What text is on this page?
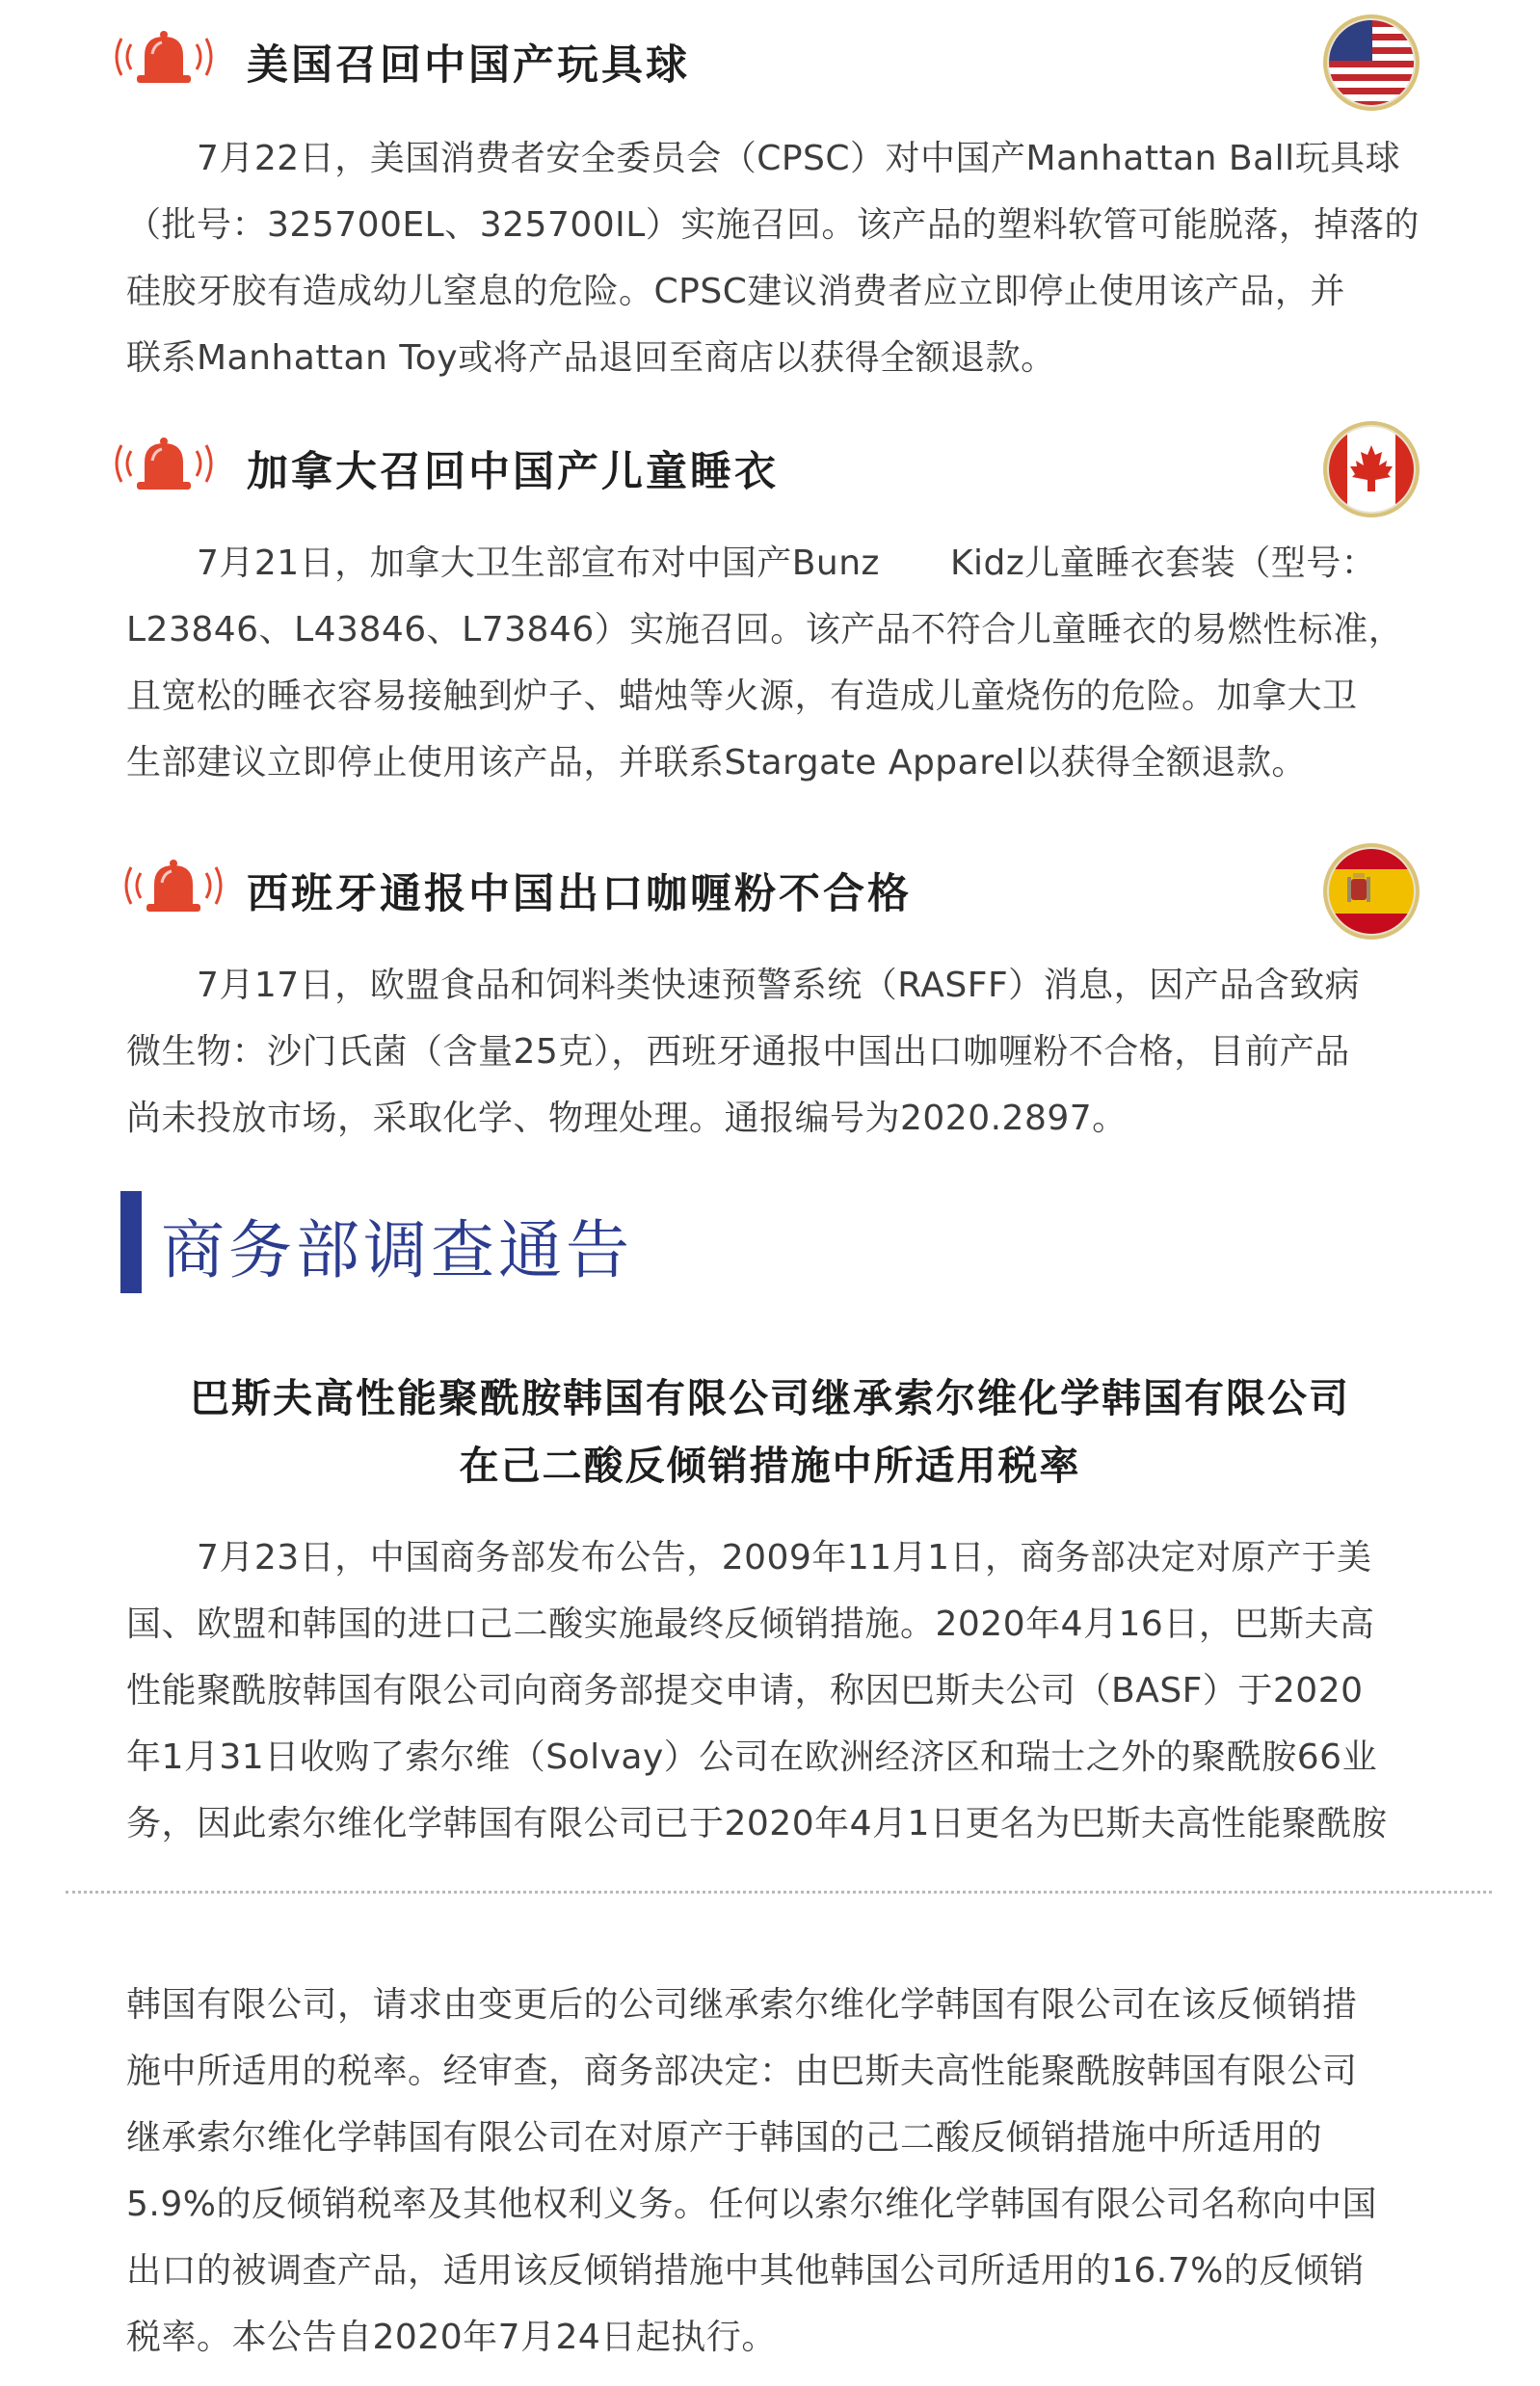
美国召回中国产玩具球
　　7月22日，美国消费者安全委员会（CPSC）对中国产Manhattan Ball玩具球
（批号：325700EL、325700IL）实施召回。该产品的塑料软管可能脱落，掉落的
硅胶牙胶有造成幼儿窒息的危险。CPSC建议消费者应立即停止使用该产品，并
联系Manhattan Toy或将产品退回至商店以获得全额退款。
加拿大召回中国产儿童睡衣
　　7月21日，加拿大卫生部宣布对中国产Bunz　　Kidz儿童睡衣套装（型号：
L23846、L43846、L73846）实施召回。该产品不符合儿童睡衣的易燃性标准，
且宽松的睡衣容易接触到炉子、蜡烛等火源，有造成儿童烧伤的危险。加拿大卫
生部建议立即停止使用该产品，并联系Stargate Apparel以获得全额退款。
西班牙通报中国出口咖喱粉不合格
　　7月17日，欧盟食品和饲料类快速预警系统（RASFF）消息，因产品含致病
微生物：沙门氏菌（含量25克），西班牙通报中国出口咖喱粉不合格，目前产品
尚未投放市场，采取化学、物理处理。通报编号为2020.2897。
商务部调查通告
巴斯夫高性能聚酰胺韩国有限公司继承索尔维化学韩国有限公司
在己二酸反倾销措施中所适用税率
　　7月23日，中国商务部发布公告，2009年11月1日，商务部决定对原产于美
国、欧盟和韩国的进口己二酸实施最终反倾销措施。2020年4月16日，巴斯夫高
性能聚酰胺韩国有限公司向商务部提交申请，称因巴斯夫公司（BASF）于2020
年1月31日收购了索尔维（Solvay）公司在欧洲经济区和瑞士之外的聚酰胺66业
务，因此索尔维化学韩国有限公司已于2020年4月1日更名为巴斯夫高性能聚酰胺
韩国有限公司，请求由变更后的公司继承索尔维化学韩国有限公司在该反倾销措
施中所适用的税率。经审查，商务部决定：由巴斯夫高性能聚酰胺韩国有限公司
继承索尔维化学韩国有限公司在对原产于韩国的己二酸反倾销措施中所适用的
5.9%的反倾销税率及其他权利义务。任何以索尔维化学韩国有限公司名称向中国
出口的被调查产品，适用该反倾销措施中其他韩国公司所适用的16.7%的反倾销
税率。本公告自2020年7月24日起执行。
